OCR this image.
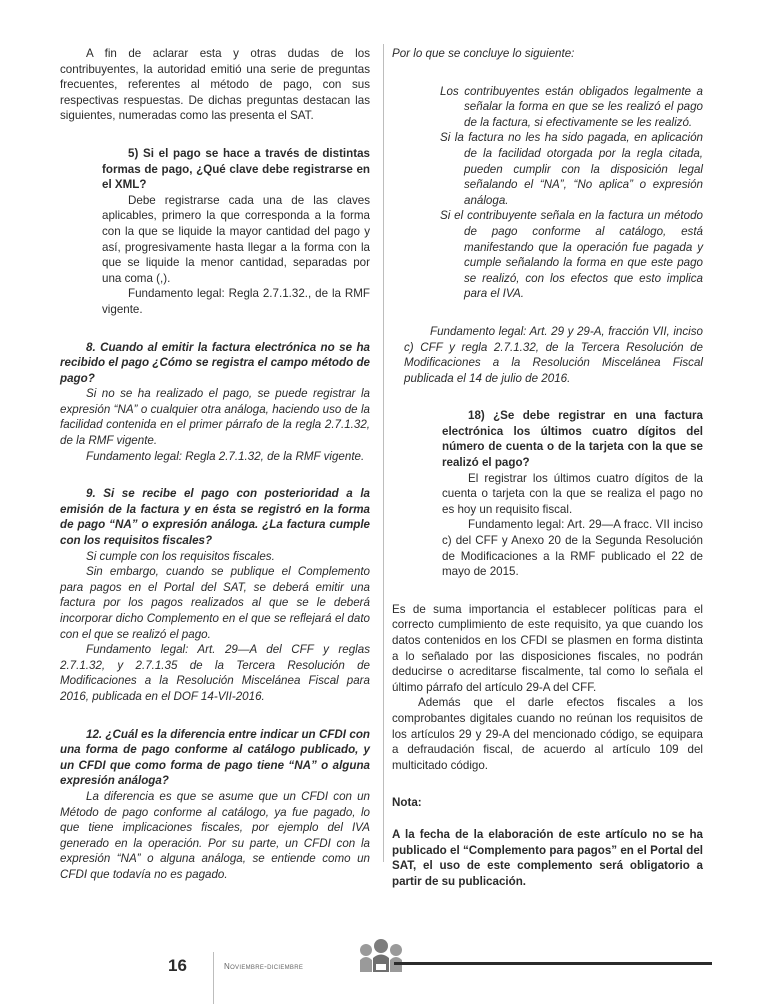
A fin de aclarar esta y otras dudas de los contribuyentes, la autoridad emitió una serie de preguntas frecuentes, referentes al método de pago, con sus respectivas respuestas. De dichas preguntas destacan las siguientes, numeradas como las presenta el SAT.

5) Si el pago se hace a través de distintas formas de pago, ¿Qué clave debe registrarse en el XML?

Debe registrarse cada una de las claves aplicables, primero la que corresponda a la forma con la que se liquide la mayor cantidad del pago y así, progresivamente hasta llegar a la forma con la que se liquide la menor cantidad, separadas por una coma (,).

Fundamento legal: Regla 2.7.1.32., de la RMF vigente.

8. Cuando al emitir la factura electrónica no se ha recibido el pago ¿Cómo se registra el campo método de pago?

Si no se ha realizado el pago, se puede registrar la expresión “NA” o cualquier otra análoga, haciendo uso de la facilidad contenida en el primer párrafo de la regla 2.7.1.32, de la RMF vigente.

Fundamento legal: Regla 2.7.1.32, de la RMF vigente.

9. Si se recibe el pago con posterioridad a la emisión de la factura y en ésta se registró en la forma de pago “NA” o expresión análoga. ¿La factura cumple con los requisitos fiscales?

Si cumple con los requisitos fiscales.

Sin embargo, cuando se publique el Complemento para pagos en el Portal del SAT, se deberá emitir una factura por los pagos realizados al que se le deberá incorporar dicho Complemento en el que se reflejará el dato con el que se realizó el pago.

Fundamento legal: Art. 29—A del CFF y reglas 2.7.1.32, y 2.7.1.35 de la Tercera Resolución de Modificaciones a la Resolución Miscelánea Fiscal para 2016, publicada en el DOF 14-VII-2016.

12. ¿Cuál es la diferencia entre indicar un CFDI con una forma de pago conforme al catálogo publicado, y un CFDI que como forma de pago tiene “NA” o alguna expresión análoga?

La diferencia es que se asume que un CFDI con un Método de pago conforme al catálogo, ya fue pagado, lo que tiene implicaciones fiscales, por ejemplo del IVA generado en la operación. Por su parte, un CFDI con la expresión “NA” o alguna análoga, se entiende como un CFDI que todavía no es pagado.

Por lo que se concluye lo siguiente:

Los contribuyentes están obligados legalmente a señalar la forma en que se les realizó el pago de la factura, si efectivamente se les realizó.

Si la factura no les ha sido pagada, en aplicación de la facilidad otorgada por la regla citada, pueden cumplir con la disposición legal señalando el “NA”, “No aplica” o expresión análoga.

Si el contribuyente señala en la factura un método de pago conforme al catálogo, está manifestando que la operación fue pagada y cumple señalando la forma en que este pago se realizó, con los efectos que esto implica para el IVA.

Fundamento legal: Art. 29 y 29-A, fracción VII, inciso c) CFF y regla 2.7.1.32, de la Tercera Resolución de Modificaciones a la Resolución Miscelánea Fiscal publicada el 14 de julio de 2016.

18) ¿Se debe registrar en una factura electrónica los últimos cuatro dígitos del número de cuenta o de la tarjeta con la que se realizó el pago?

El registrar los últimos cuatro dígitos de la cuenta o tarjeta con la que se realiza el pago no es hoy un requisito fiscal.

Fundamento legal: Art. 29—A fracc. VII inciso c) del CFF y Anexo 20 de la Segunda Resolución de Modificaciones a la RMF publicado el 22 de mayo de 2015.

Es de suma importancia el establecer políticas para el correcto cumplimiento de este requisito, ya que cuando los datos contenidos en los CFDI se plasmen en forma distinta a lo señalado por las disposiciones fiscales, no podrán deducirse o acreditarse fiscalmente, tal como lo señala el último párrafo del artículo 29-A del CFF.

Además que el darle efectos fiscales a los comprobantes digitales cuando no reúnan los requisitos de los artículos 29 y 29-A del mencionado código, se equipara a defraudación fiscal, de acuerdo al artículo 109 del multicitado código.

Nota:

A la fecha de la elaboración de este artículo no se ha publicado el “Complemento para pagos” en el Portal del SAT, el uso de este complemento será obligatorio a partir de su publicación.

16	Noviembre-diciembre
